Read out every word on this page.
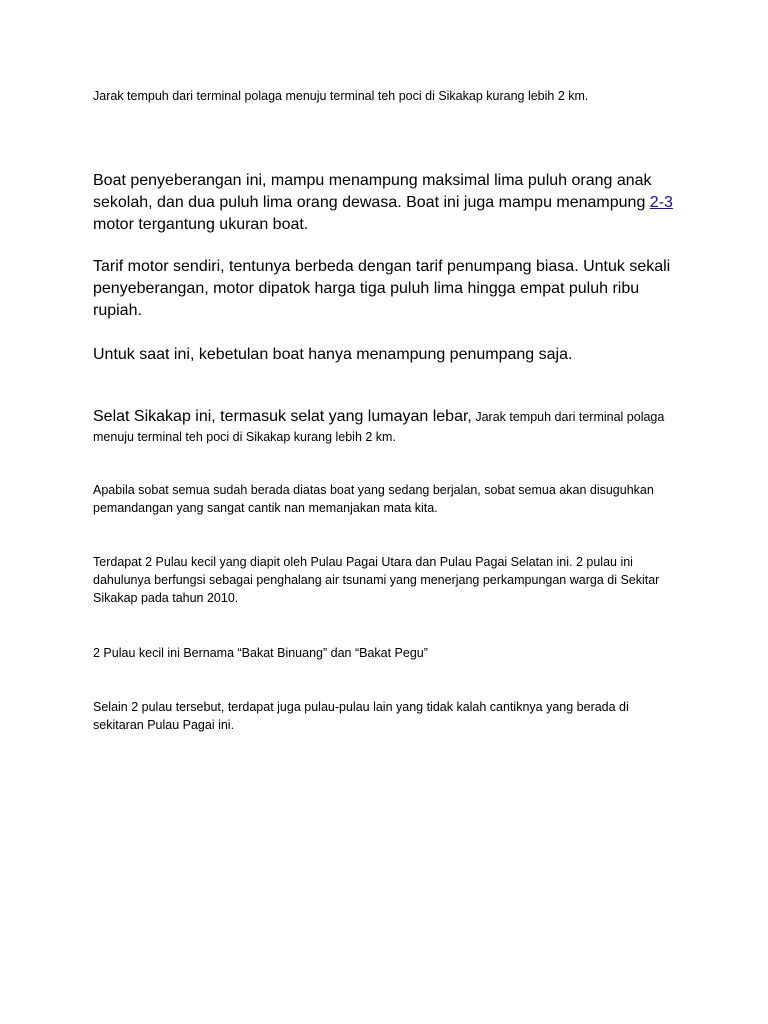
Jarak tempuh dari terminal polaga menuju terminal teh poci di Sikakap kurang lebih 2 km.

Boat penyeberangan ini, mampu menampung maksimal lima puluh orang anak sekolah, dan dua puluh lima orang dewasa. Boat ini juga mampu menampung 2-3 motor tergantung ukuran boat.

Tarif motor sendiri, tentunya berbeda dengan tarif penumpang biasa. Untuk sekali penyeberangan, motor dipatok harga tiga puluh lima hingga empat puluh ribu rupiah.

Untuk saat ini, kebetulan boat hanya menampung penumpang saja.

Selat Sikakap ini, termasuk selat yang lumayan lebar, Jarak tempuh dari terminal polaga menuju terminal teh poci di Sikakap kurang lebih 2 km.

Apabila sobat semua sudah berada diatas boat yang sedang berjalan, sobat semua akan disuguhkan pemandangan yang sangat cantik nan memanjakan mata kita.

Terdapat 2 Pulau kecil yang diapit oleh Pulau Pagai Utara dan Pulau Pagai Selatan ini. 2 pulau ini dahulunya berfungsi sebagai penghalang air tsunami yang menerjang perkampungan warga di Sekitar Sikakap pada tahun 2010.

2 Pulau kecil ini Bernama “Bakat Binuang” dan “Bakat Pegu”

Selain 2 pulau tersebut, terdapat juga pulau-pulau lain yang tidak kalah cantiknya yang berada di sekitaran Pulau Pagai ini.
